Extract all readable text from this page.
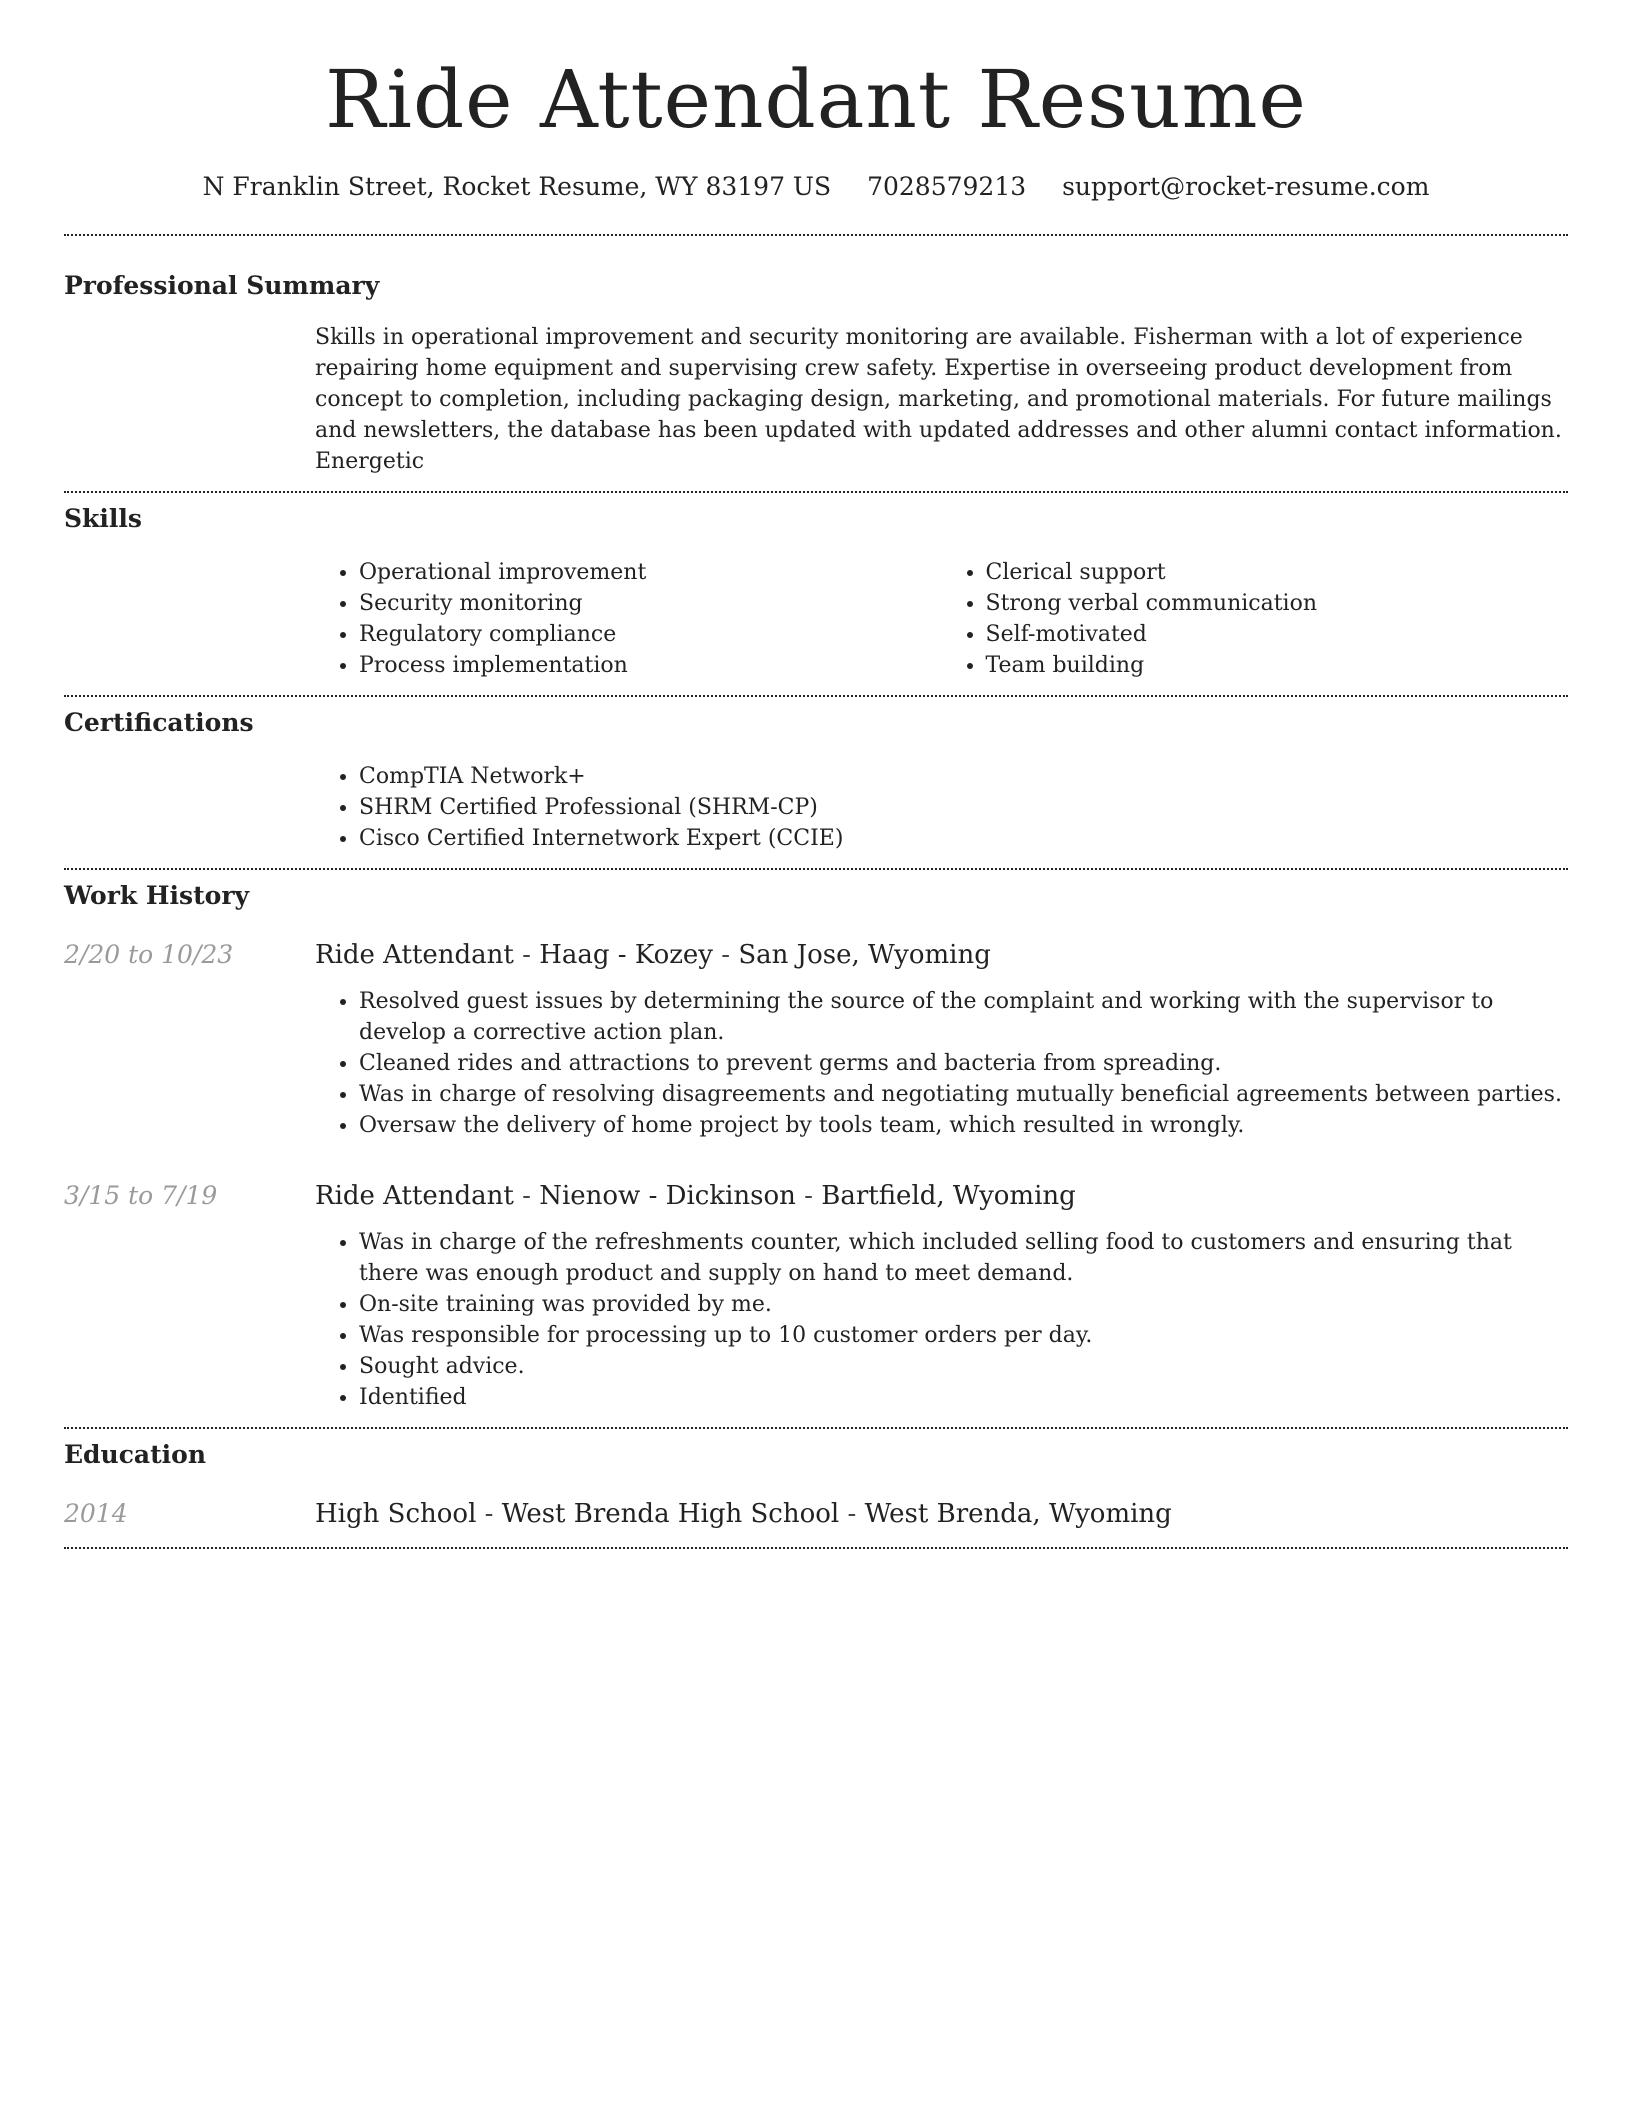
Ride Attendant Resume
N Franklin Street, Rocket Resume, WY 83197 US 7028579213 support@rocket-resume.com
Professional Summary

Skills in operational improvement and security monitoring are available. Fisherman with a lot of experience repairing home equipment and supervising crew safety. Expertise in overseeing product development from concept to completion, including packaging design, marketing, and promotional materials. For future mailings and newsletters, the database has been updated with updated addresses and other alumni contact information. Energetic

Skills
• Operational improvement
• Security monitoring
• Regulatory compliance
• Process implementation
• Clerical support
• Strong verbal communication
• Self-motivated
• Team building
Certifications
• CompTIA Network+
• SHRM Certified Professional (SHRM-CP)
• Cisco Certified Internetwork Expert (CCIE)
Work History
2/20 to 10/23	Ride Attendant - Haag - Kozey - San Jose, Wyoming
• Resolved guest issues by determining the source of the complaint and working with the supervisor to develop a corrective action plan.
• Cleaned rides and attractions to prevent germs and bacteria from spreading.
• Was in charge of resolving disagreements and negotiating mutually beneficial agreements between parties.
• Oversaw the delivery of home project by tools team, which resulted in wrongly.
3/15 to 7/19	Ride Attendant - Nienow - Dickinson - Bartfield, Wyoming
• Was in charge of the refreshments counter, which included selling food to customers and ensuring that there was enough product and supply on hand to meet demand.
• On-site training was provided by me.
• Was responsible for processing up to 10 customer orders per day.
• Sought advice.
• Identified
Education
2014	High School - West Brenda High School - West Brenda, Wyoming
